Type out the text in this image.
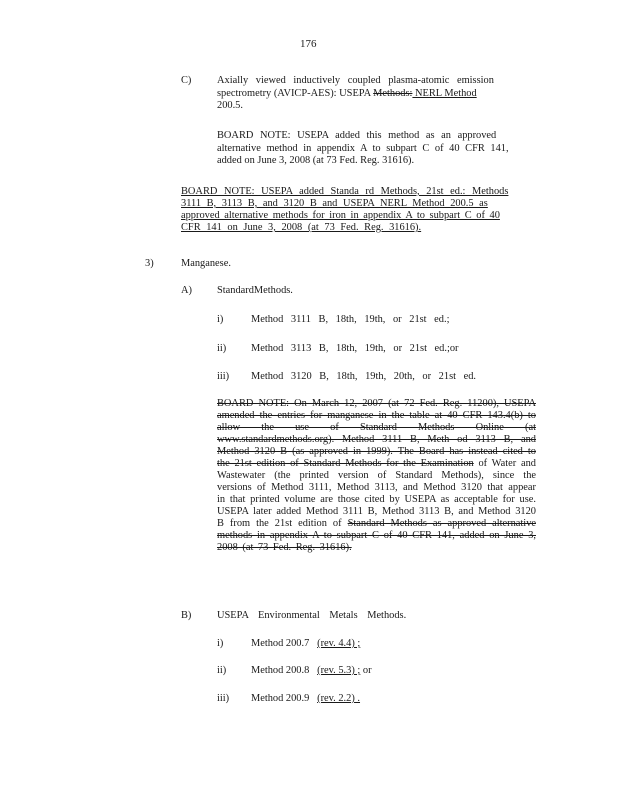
176
C) Axially viewed inductively coupled plasma-atomic emission
spectrometry (AVICP-AES): USEPA Methods: NERL Method
200.5.
BOARD NOTE: USEPA added this method as an approved
alternative method in appendix A to subpart C of 40 CFR 141,
added on June 3, 2008 (at 73 Fed. Reg. 31616).
BOARD NOTE: USEPA added Standa rd Methods, 21st ed.: Methods
3111 B, 3113 B, and 3120 B and USEPA NERL Method 200.5 as
approved alternative methods for iron in appendix A to subpart C of 40
CFR 141 on June 3, 2008 (at 73 Fed. Reg. 31616).
3)	Manganese.
A) StandardMethods.
i)	Method 3111 B, 18th, 19th, or 21st ed.;
ii) Method 3113 B, 18th, 19th, or 21st ed.;or
iii) Method 3120 B, 18th, 19th, 20th, or 21st ed.
BOARD NOTE: On March 12, 2007 (at 72 Fed. Reg. 11200), USEPA amended the entries for manganese in the table at 40 CFR 143.4(b) to allow the use of Standard Methods Online (at www.standardmethods.org). Method 3111 B, Meth od 3113 B, and Method 3120 B (as approved in 1999). The Board has instead cited to the 21st edition of Standard Methods for the Examination of Water and Wastewater (the printed version of Standard Methods), since the versions of Method 3111, Method 3113, and Method 3120 that appear in that printed volume are those cited by USEPA as acceptable for use. USEPA later added Method 3111 B, Method 3113 B, and Method 3120 B from the 21st edition of Standard Methods as approved alternative methods in appendix A to subpart C of 40 CFR 141, added on June 3, 2008 (at 73 Fed. Reg. 31616).
B) USEPA Environmental Metals Methods.
i)	Method 200.7 (rev. 4.4) ;
ii) Method 200.8 (rev. 5.3) ; or
iii) Method 200.9 (rev. 2.2) .
